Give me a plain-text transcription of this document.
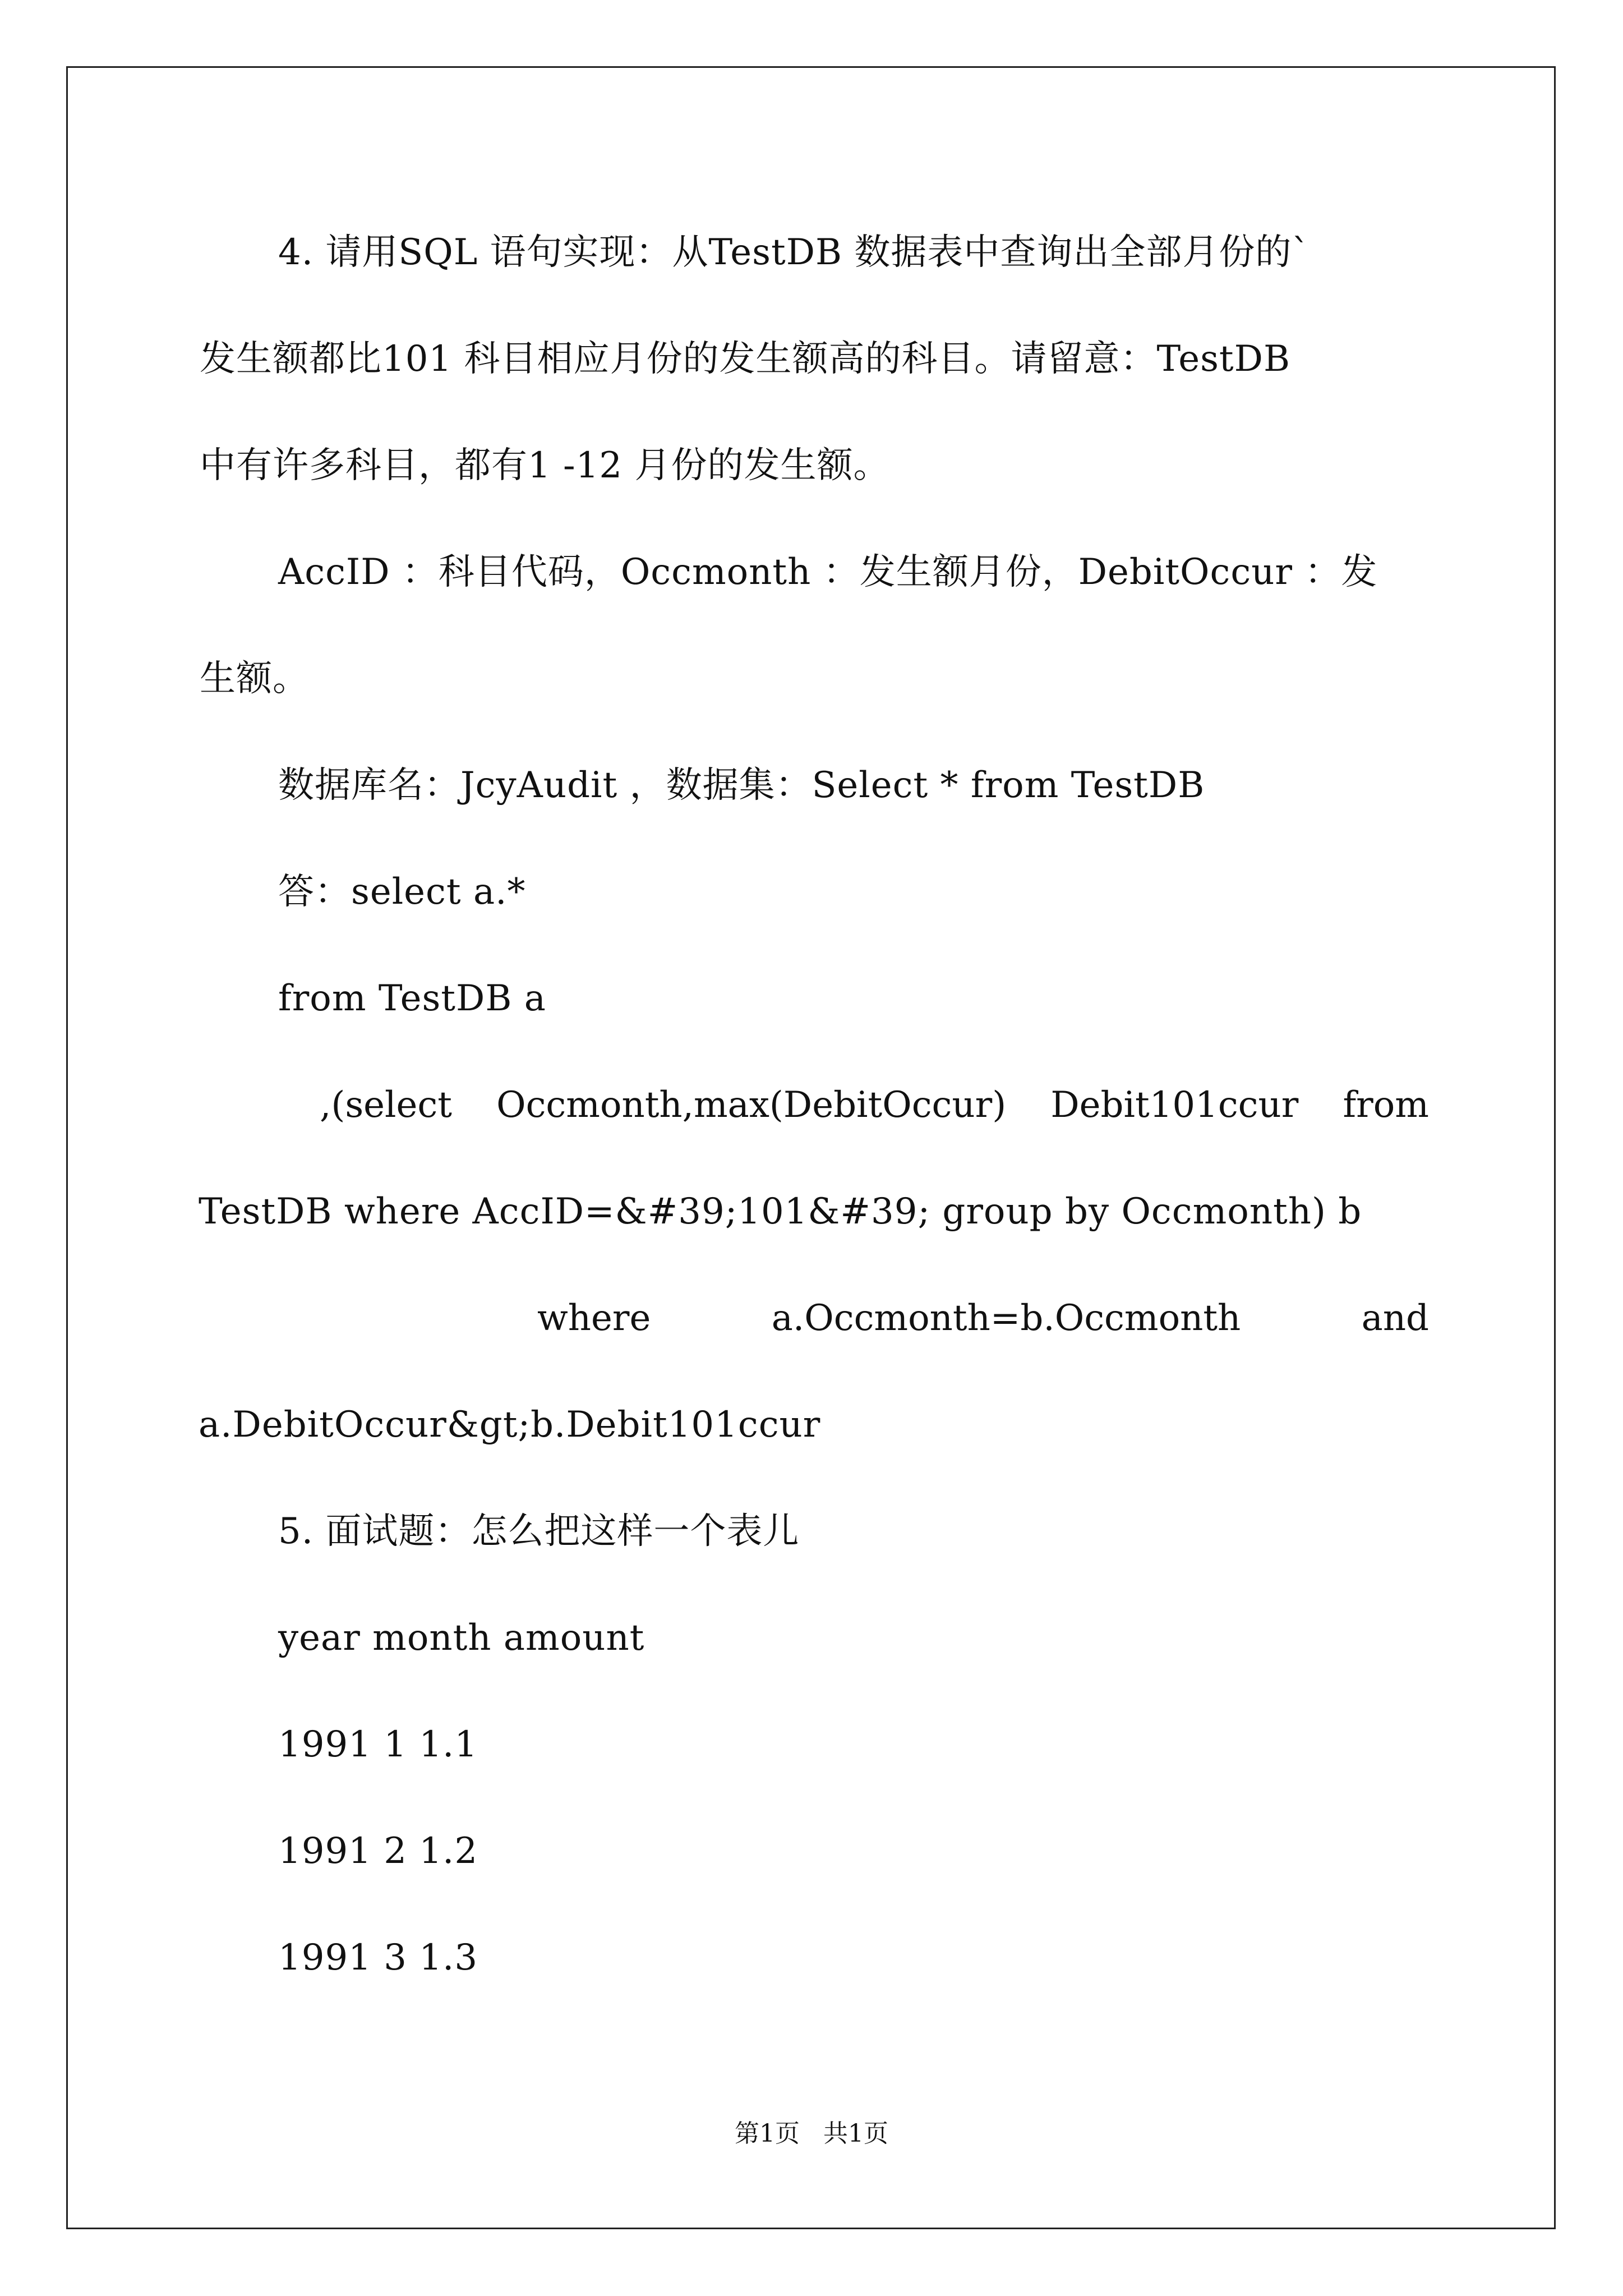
4. 请用SQL 语句实现：从TestDB 数据表中查询出全部月份的`
发生额都比101 科目相应月份的发生额高的科目。请留意：TestDB
中有许多科目，都有1 -12 月份的发生额。
AccID ：科目代码，Occmonth ：发生额月份，DebitOccur ：发
生额。
数据库名：JcyAudit ，数据集：Select * from TestDB
答：select a.*
from TestDB a
,(select Occmonth,max(DebitOccur) Debit101ccur from
TestDB where AccID=&#39;101&#39; group by Occmonth) b
where	a.Occmonth=b.Occmonth	and
a.DebitOccur&gt;b.Debit101ccur
5. 面试题：怎么把这样一个表儿
year month amount
1991 1 1.1
1991 2 1.2
1991 3 1.3
第1页   共1页
